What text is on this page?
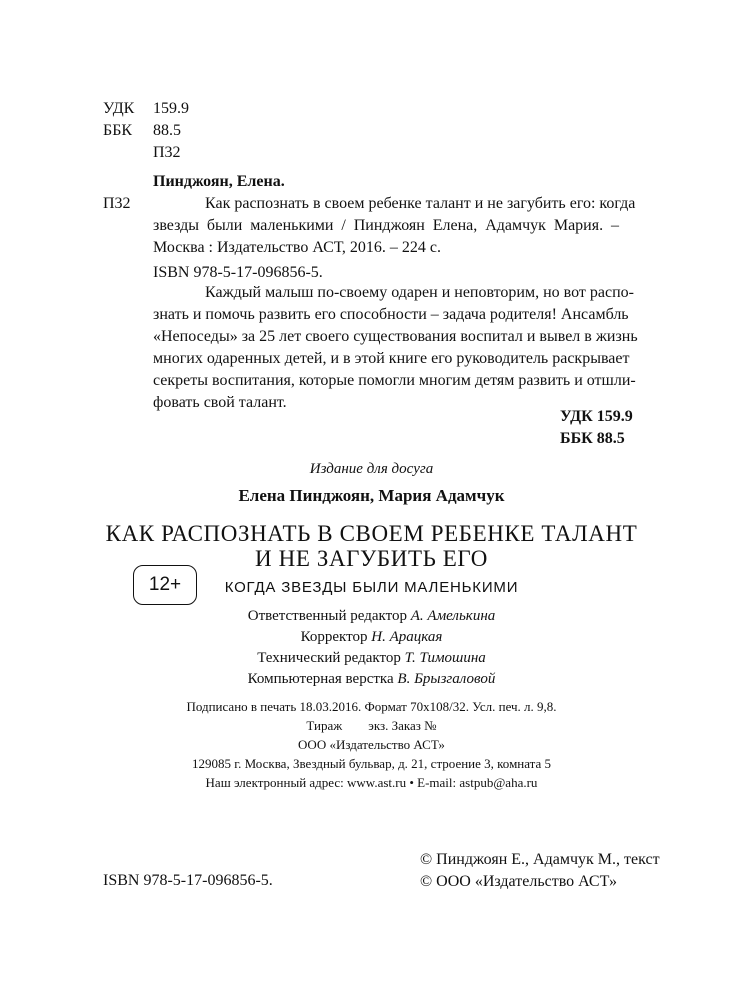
УДК 159.9
ББК 88.5
П32
Пинджоян, Елена.
П32	Как распознать в своем ребенке талант и не загубить его: когда
звезды были маленькими / Пинджоян Елена, Адамчук Мария. –
Москва : Издательство АСТ, 2016. – 224 с.
ISBN 978-5-17-096856-5.
Каждый малыш по-своему одарен и неповторим, но вот распо-
знать и помочь развить его способности – задача родителя! Ансамбль
«Непоседы» за 25 лет своего существования воспитал и вывел в жизнь
многих одаренных детей, и в этой книге его руководитель раскрывает
секреты воспитания, которые помогли многим детям развить и отшли-
фовать свой талант.
УДК 159.9
ББК 88.5
Издание для досуга
Елена Пинджоян, Мария Адамчук
КАК РАСПОЗНАТЬ В СВОЕМ РЕБЕНКЕ ТАЛАНТ
И НЕ ЗАГУБИТЬ ЕГО
12+	КОГДА ЗВЕЗДЫ БЫЛИ МАЛЕНЬКИМИ
Ответственный редактор А. Амелькина
Корректор Н. Арацкая
Технический редактор Т. Тимошина
Компьютерная верстка В. Брызгаловой
Подписано в печать 18.03.2016. Формат 70x108/32. Усл. печ. л. 9,8.
Тираж        экз. Заказ №
ООО «Издательство АСТ»
129085 г. Москва, Звездный бульвар, д. 21, строение 3, комната 5
Наш электронный адрес: www.ast.ru • E-mail: astpub@aha.ru
ISBN 978-5-17-096856-5.
© Пинджоян Е., Адамчук М., текст
© ООО «Издательство АСТ»
